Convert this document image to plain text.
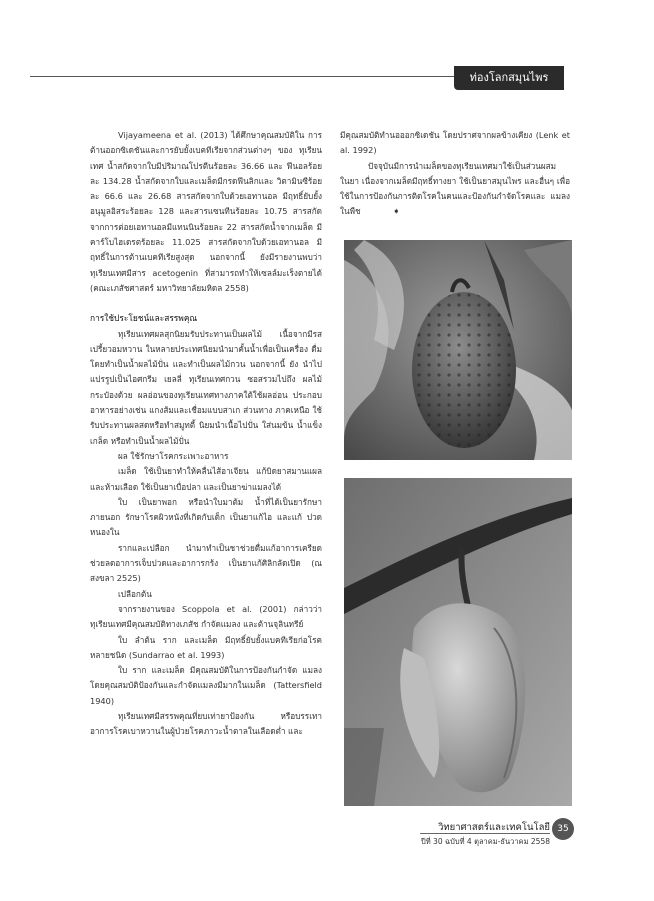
ท่องโลกสมุนไพร

Vijayameena et al. (2013) ได้ศึกษาคุณสมบัติใน การต้านออกซิเดชันและการยับยั้งเบคทีเรียจากส่วนต่างๆ ของ ทุเรียนเทศ น้ำสกัดจากใบมีปริมาณโปรตีนร้อยละ 36.66 และ ฟีนอลร้อยละ 134.28 น้ำสกัดจากใบและเมล็ดมีกรดฟีนลิกและ วิตามินซีร้อยละ 66.6 และ 26.68 สารสกัดจากใบด้วยเอทานอล มีฤทธิ์ยับยั้งอนุมูลอิสระร้อยละ 128 และสารแซนทีนร้อยละ 10.75 สารสกัด จากการต่อยเอทานอลมีแทนนินร้อยละ 22 สารสกัดน้ำจากเมล็ด มีคาร์โบไฮเดรตร้อยละ 11.025 สารสกัดจากใบด้วยเอทานอล มีฤทธิ์ในการต้านเบคทีเรียสูงสุด นอกจากนี้ ยังมีรายงานพบว่า ทุเรียนเทศมีสาร acetogenin ที่สามารถทำให้เซลล์มะเร็งตายได้ (คณะเภสัชศาสตร์ มหาวิทยาลัยมหิดล 2558)

การใช้ประโยชน์และสรรพคุณ

ทุเรียนเทศผลสุกนิยมรับประทานเป็นผลไม้ เนื้อจากมีรส เปรี้ยวอมหวาน ในหลายประเทศนิยมนำมาคั้นน้ำเพื่อเป็นเครื่อง ดื่ม โดยทำเป็นน้ำผลไม้ปั่น และทำเป็นผลไม้กวน นอกจากนี้ ยัง นำไปแปรรูปเป็นไอศกรีม เยลลี่ ทุเรียนเทศกวน ซอสรวมไปถึง ผลไม้กระป๋องด้วย ผลอ่อนของทุเรียนเทศทางภาคใต้ใช้ผลอ่อน ประกอบอาหารอย่างเช่น แกงส้มและเชื่อมแบบสาเก ส่วนทาง ภาคเหนือ ใช้รับประทานผลสดหรือทำสมูทตี้ นิยมนำเนื้อไปปั่น ใส่นมข้น น้ำแข็งเกล็ด หรือทำเป็นน้ำผลไม้ปั่น

ผล ใช้รักษาโรคกระเพาะอาหาร

เมล็ด ใช้เป็นยาทำให้คลื่นไส้อาเจียน แก้บิดยาสมานแผล และห้ามเลือด ใช้เป็นยาเบื่อปลา และเป็นยาฆ่าแมลงได้

ใบ เป็นยาพอก หรือนำใบมาต้ม น้ำที่ได้เป็นยารักษา ภายนอก รักษาโรคผิวหนังที่เกิดกับเด็ก เป็นยาแก้ไอ และแก้ ปวดหนองใน

รากและเปลือก นำมาทำเป็นชาช่วยดื่มแก้อาการเครียด ช่วยลดอาการเจ็บปวดและอาการกร้ง เป็นยาแก้ศิลิกลัดเปิด (ณ สงขลา 2525)

เปลือกต้น

จากรายงานของ Scoppola et al. (2001) กล่าวว่า ทุเรียนเทศมีคุณสมบัติทางเภสัช กำจัดแมลง และต้านจุลินทรีย์

ใบ ลำต้น ราก และเมล็ด มีฤทธิ์ยับยั้งแบคทีเรียก่อโรค หลายชนิด (Sundarrao et al. 1993)

ใบ ราก และเมล็ด มีคุณสมบัติในการป้องกันกำจัด แมลง โดยคุณสมบัติป้องกันและกำจัดแมลงมีมากในเมล็ด (Tattersfield 1940)

ทุเรียนเทศมีสรรพคุณที่ยบเท่ายาป้องกัน หรือบรรเทา อาการโรคเบาหวานในผู้ป่วยโรคภาวะน้ำตาลในเลือดต่ำ และ

มีคุณสมบัติทำนอออกซิเดชัน โดยปราศจากผลข้างเคียง (Lenk et al. 1992)

ปัจจุบันมีการนำเมล็ดของทุเรียนเทศมาใช้เป็นส่วนผสม ในยา เนื่องจากเมล็ดมีฤทธิ์ทางยา ใช้เป็นยาสมุนไพร และอื่นๆ เพื่อใช้ในการป้องกันการติดโรคในคนและป้องกันกำจัดโรคและ แมลงในพืช	➧

วิทยาศาสตร์และเทคโนโลยี
ปีที่ 30 ฉบับที่ 4 ตุลาคม-ธันวาคม 2558
35
